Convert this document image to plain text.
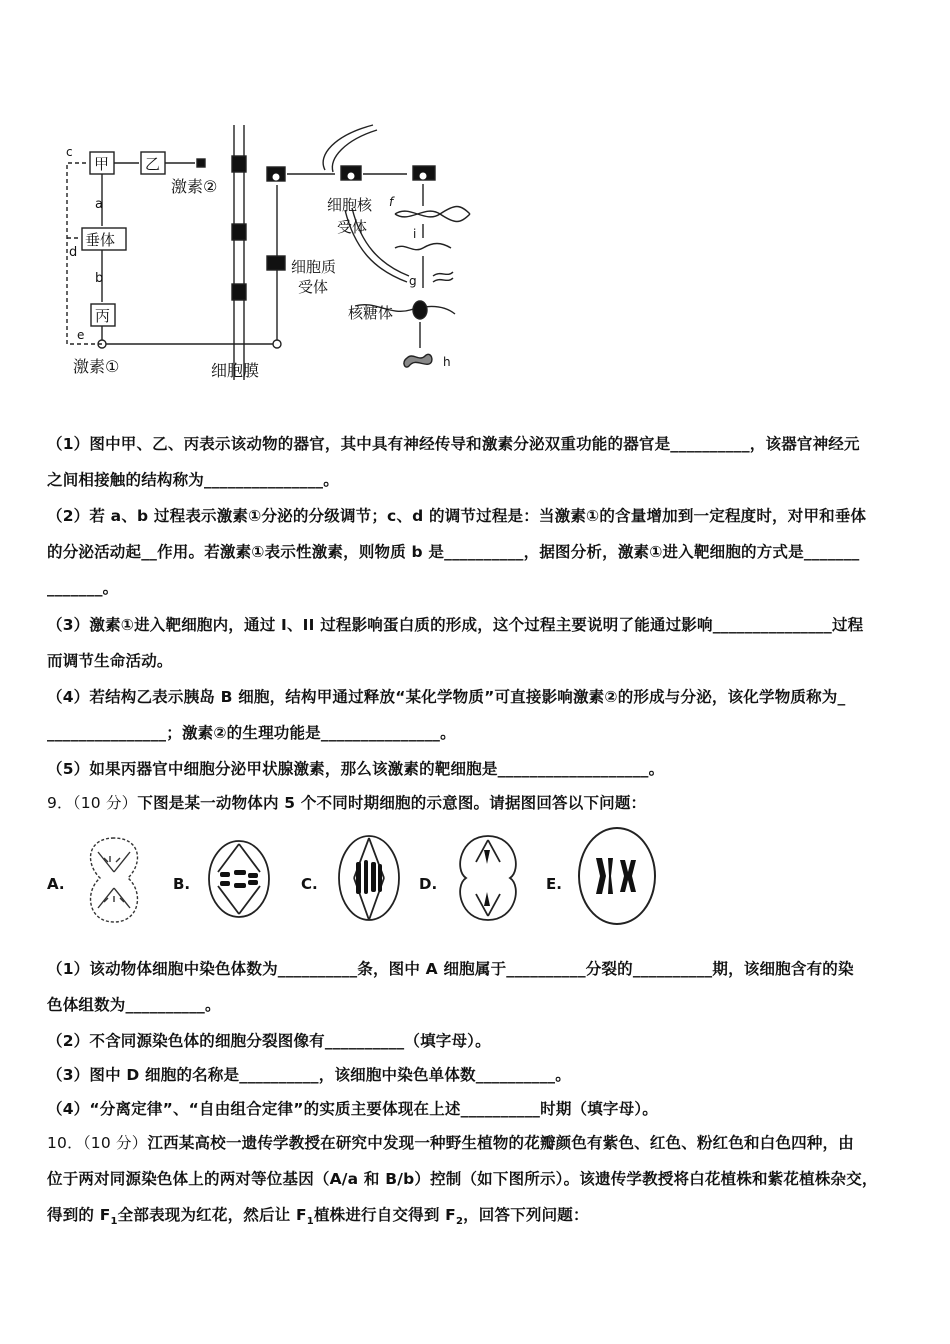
c
甲 乙
激素②
a
垂体
d
b
丙
e
激素①	细胞膜
细胞质
受体
细胞核
受体
核糖体
f
i
g
h
（1）图中甲、乙、丙表示该动物的器官，其中具有神经传导和激素分泌双重功能的器官是__________，该器官神经元
之间相接触的结构称为_______________。
（2）若 a、b 过程表示激素①分泌的分级调节；c、d 的调节过程是：当激素①的含量增加到一定程度时，对甲和垂体
的分泌活动起__作用。若激素①表示性激素，则物质 b 是__________，据图分析，激素①进入靶细胞的方式是_______
_______。
（3）激素①进入靶细胞内，通过 I、II 过程影响蛋白质的形成，这个过程主要说明了能通过影响_______________过程
而调节生命活动。
（4）若结构乙表示胰岛 B 细胞，结构甲通过释放“某化学物质”可直接影响激素②的形成与分泌，该化学物质称为_
_______________；激素②的生理功能是_______________。
（5）如果丙器官中细胞分泌甲状腺激素，那么该激素的靶细胞是___________________。
9．（10 分）下图是某一动物体内 5 个不同时期细胞的示意图。请据图回答以下问题：
A.	B.	C.	D.	E.
（1）该动物体细胞中染色体数为__________条，图中 A 细胞属于__________分裂的__________期，该细胞含有的染
色体组数为__________。
（2）不含同源染色体的细胞分裂图像有__________（填字母）。
（3）图中 D 细胞的名称是__________，该细胞中染色单体数__________。
（4）“分离定律”、“自由组合定律”的实质主要体现在上述__________时期（填字母）。
10．（10 分）江西某高校一遗传学教授在研究中发现一种野生植物的花瓣颜色有紫色、红色、粉红色和白色四种，由
位于两对同源染色体上的两对等位基因（A/a 和 B/b）控制（如下图所示）。该遗传学教授将白花植株和紫花植株杂交，
得到的 $F_1$全部表现为红花，然后让 $F_1$植株进行自交得到 $F_2$，回答下列问题：
